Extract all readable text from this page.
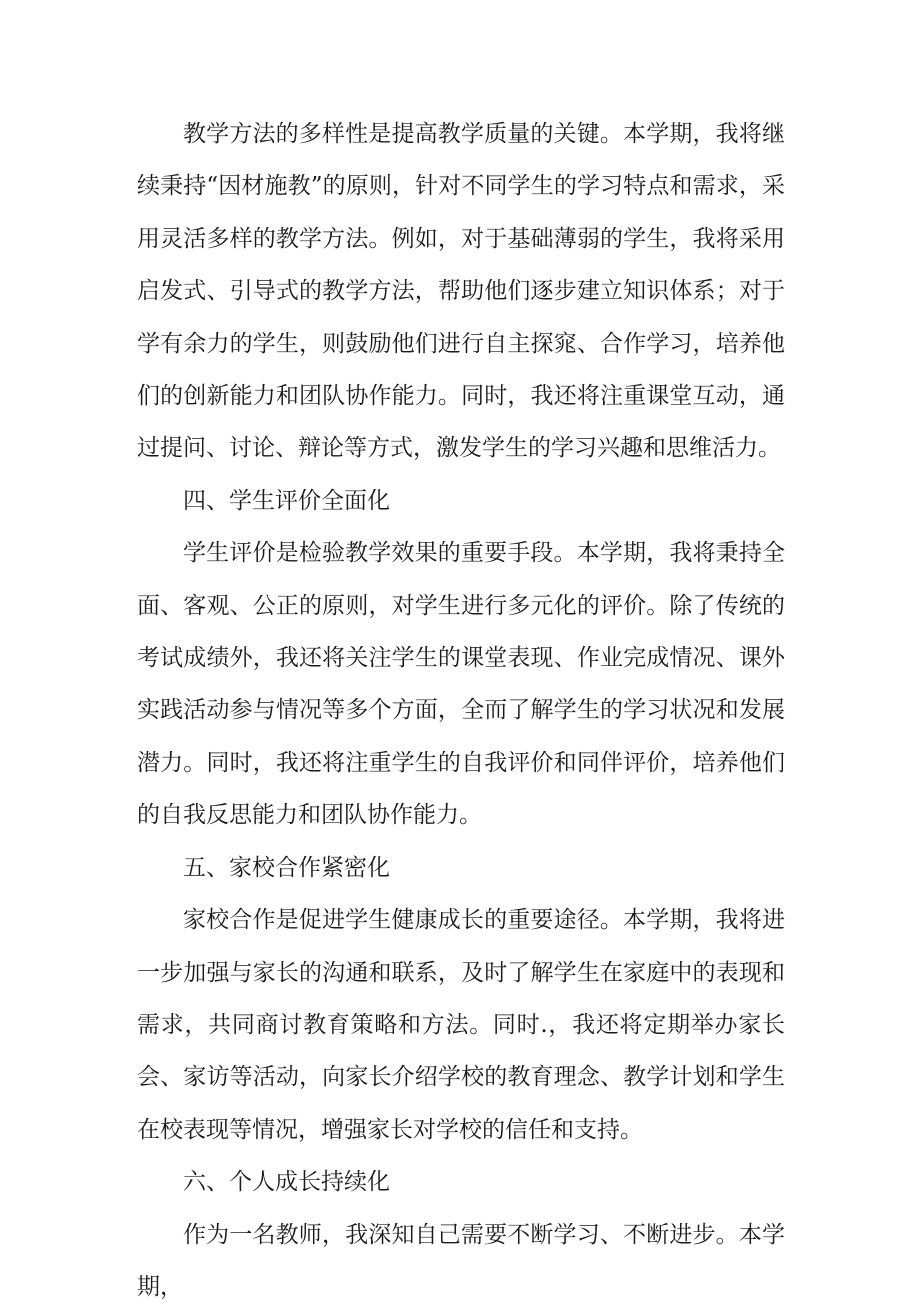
教学方法的多样性是提高教学质量的关键。本学期，我将继续秉持“因材施教”的原则，针对不同学生的学习特点和需求，采用灵活多样的教学方法。例如，对于基础薄弱的学生，我将采用启发式、引导式的教学方法，帮助他们逐步建立知识体系；对于学有余力的学生，则鼓励他们进行自主探窕、合作学习，培养他们的创新能力和团队协作能力。同时，我还将注重课堂互动，通过提问、讨论、辩论等方式，激发学生的学习兴趣和思维活力。

四、学生评价全面化

学生评价是检验教学效果的重要手段。本学期，我将秉持全面、客观、公正的原则，对学生进行多元化的评价。除了传统的考试成绩外，我还将关注学生的课堂表现、作业完成情况、课外实践活动参与情况等多个方面，全而了解学生的学习状况和发展潜力。同时，我还将注重学生的自我评价和同伴评价，培养他们的自我反思能力和团队协作能力。

五、家校合作紧密化

家校合作是促进学生健康成长的重要途径。本学期，我将进一步加强与家长的沟通和联系，及时了解学生在家庭中的表现和需求，共同商讨教育策略和方法。同时.，我还将定期举办家长会、家访等活动，向家长介绍学校的教育理念、教学计划和学生在校表现等情况，增强家长对学校的信任和支持。

六、个人成长持续化

作为一名教师，我深知自己需要不断学习、不断进步。本学期，
